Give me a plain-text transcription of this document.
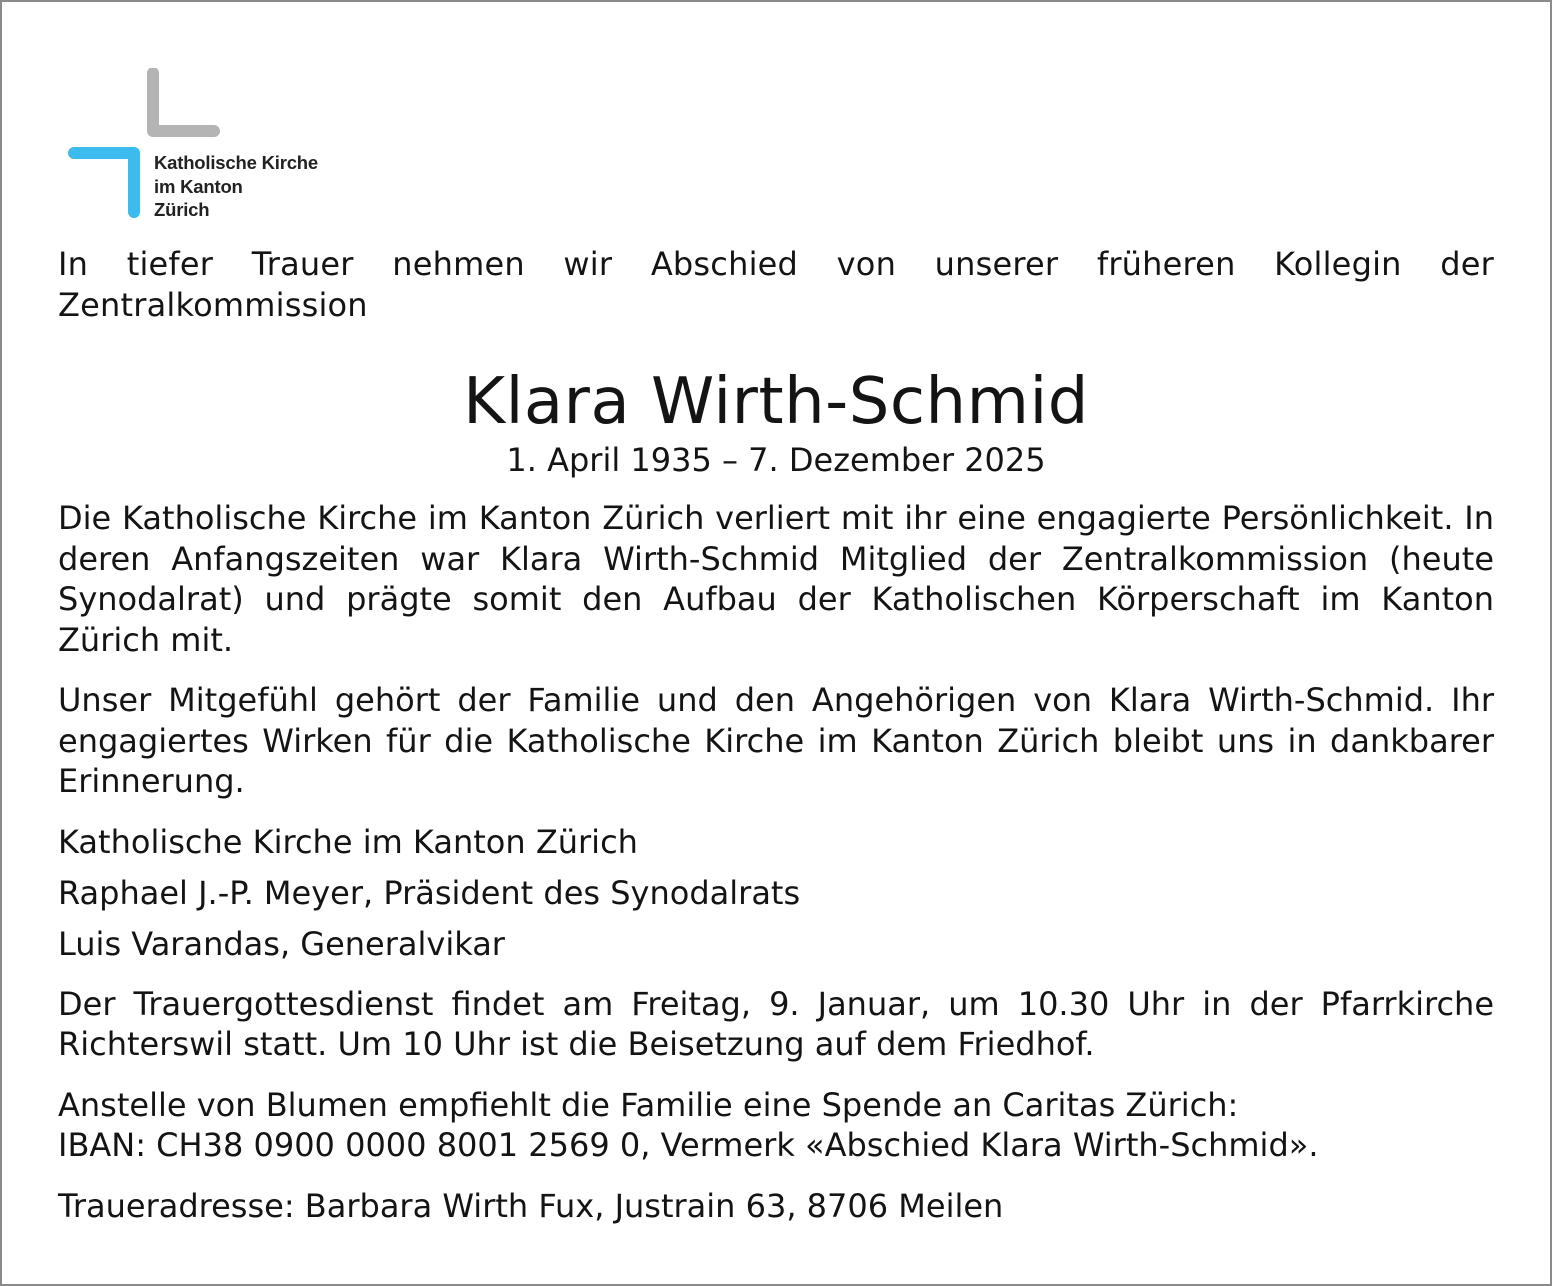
Katholische Kirche
im Kanton
Zürich

In tiefer Trauer nehmen wir Abschied von unserer früheren Kollegin der Zentralkommission

Klara Wirth-Schmid
1. April 1935 – 7. Dezember 2025

Die Katholische Kirche im Kanton Zürich verliert mit ihr eine engagierte Persönlichkeit. In deren Anfangszeiten war Klara Wirth-Schmid Mitglied der Zentralkommission (heute Synodalrat) und prägte somit den Aufbau der Katholischen Körperschaft im Kanton Zürich mit.

Unser Mitgefühl gehört der Familie und den Angehörigen von Klara Wirth-Schmid. Ihr engagiertes Wirken für die Katholische Kirche im Kanton Zürich bleibt uns in dankbarer Erinnerung.

Katholische Kirche im Kanton Zürich

Raphael J.-P. Meyer, Präsident des Synodalrats

Luis Varandas, Generalvikar

Der Trauergottesdienst findet am Freitag, 9. Januar, um 10.30 Uhr in der Pfarrkirche Richterswil statt. Um 10 Uhr ist die Beisetzung auf dem Friedhof.

Anstelle von Blumen empfiehlt die Familie eine Spende an Caritas Zürich:
IBAN: CH38 0900 0000 8001 2569 0, Vermerk «Abschied Klara Wirth-Schmid».

Traueradresse: Barbara Wirth Fux, Justrain 63, 8706 Meilen
